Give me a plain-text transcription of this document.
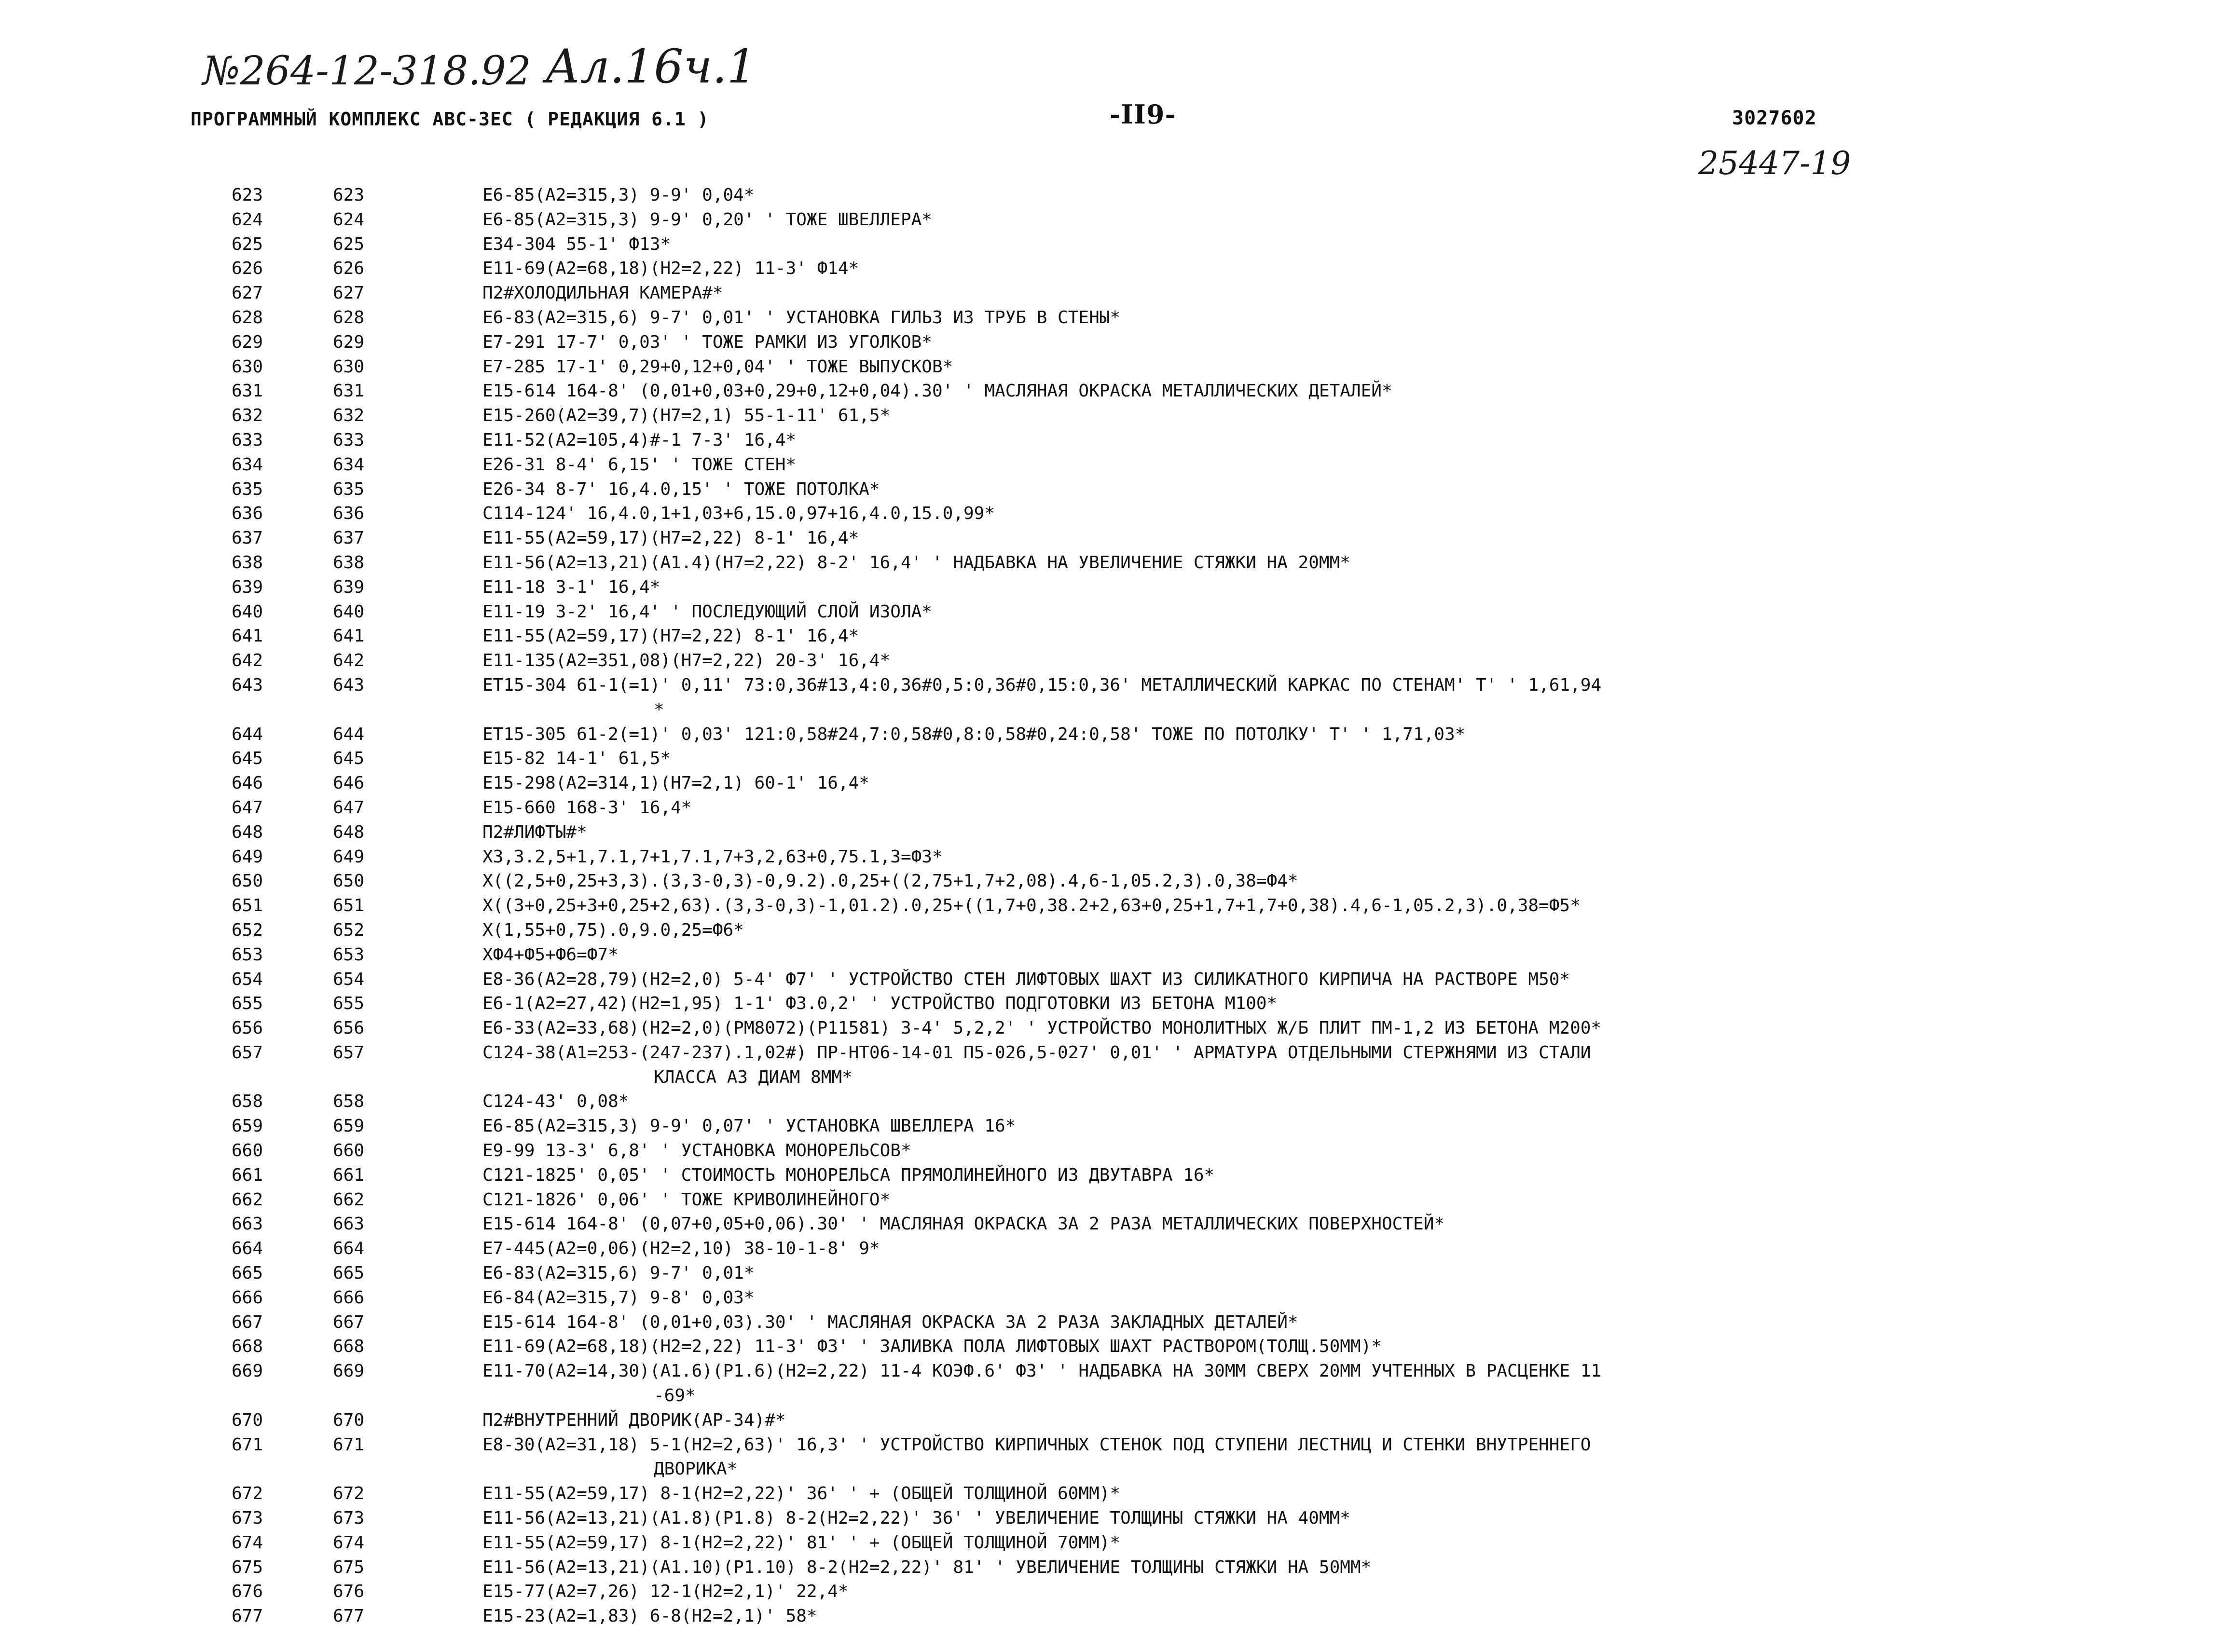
№264-12-318.92 Ал.16ч.1
25447-19
ПРОГРАММНЫЙ КОМПЛЕКС АВС-3ЕС ( РЕДАКЦИЯ 6.1 )	-II9-	3027602
623	623	Е6-85(А2=315,3) 9-9' 0,04*
624	624	Е6-85(А2=315,3) 9-9' 0,20' ' ТОЖЕ ШВЕЛЛЕРА*
625	625	Е34-304 55-1' Ф13*
626	626	Е11-69(А2=68,18)(Н2=2,22) 11-3' Ф14*
627	627	П2#ХОЛОДИЛЬНАЯ КАМЕРА#*
628	628	Е6-83(А2=315,6) 9-7' 0,01' ' УСТАНОВКА ГИЛЬЗ ИЗ ТРУБ В СТЕНЫ*
629	629	Е7-291 17-7' 0,03' ' ТОЖЕ РАМКИ ИЗ УГОЛКОВ*
630	630	Е7-285 17-1' 0,29+0,12+0,04' ' ТОЖЕ ВЫПУСКОВ*
631	631	Е15-614 164-8' (0,01+0,03+0,29+0,12+0,04).30' ' МАСЛЯНАЯ ОКРАСКА МЕТАЛЛИЧЕСКИХ ДЕТАЛЕЙ*
632	632	Е15-260(А2=39,7)(Н7=2,1) 55-1-11' 61,5*
633	633	Е11-52(А2=105,4)#-1 7-3' 16,4*
634	634	Е26-31 8-4' 6,15' ' ТОЖЕ СТЕН*
635	635	Е26-34 8-7' 16,4.0,15' ' ТОЖЕ ПОТОЛКА*
636	636	С114-124' 16,4.0,1+1,03+6,15.0,97+16,4.0,15.0,99*
637	637	Е11-55(А2=59,17)(Н7=2,22) 8-1' 16,4*
638	638	Е11-56(А2=13,21)(А1.4)(Н7=2,22) 8-2' 16,4' ' НАДБАВКА НА УВЕЛИЧЕНИЕ СТЯЖКИ НА 20ММ*
639	639	Е11-18 3-1' 16,4*
640	640	Е11-19 3-2' 16,4' ' ПОСЛЕДУЮЩИЙ СЛОЙ ИЗОЛА*
641	641	Е11-55(А2=59,17)(Н7=2,22) 8-1' 16,4*
642	642	Е11-135(А2=351,08)(Н7=2,22) 20-3' 16,4*
643	643	ЕТ15-304 61-1(=1)' 0,11' 73:0,36#13,4:0,36#0,5:0,36#0,15:0,36' МЕТАЛЛИЧЕСКИЙ КАРКАС ПО СТЕНАМ' Т' ' 1,61,94
*
644	644	ЕТ15-305 61-2(=1)' 0,03' 121:0,58#24,7:0,58#0,8:0,58#0,24:0,58' ТОЖЕ ПО ПОТОЛКУ' Т' ' 1,71,03*
645	645	Е15-82 14-1' 61,5*
646	646	Е15-298(А2=314,1)(Н7=2,1) 60-1' 16,4*
647	647	Е15-660 168-3' 16,4*
648	648	П2#ЛИФТЫ#*
649	649	Х3,3.2,5+1,7.1,7+1,7.1,7+3,2,63+0,75.1,3=Ф3*
650	650	Х((2,5+0,25+3,3).(3,3-0,3)-0,9.2).0,25+((2,75+1,7+2,08).4,6-1,05.2,3).0,38=Ф4*
651	651	Х((3+0,25+3+0,25+2,63).(3,3-0,3)-1,01.2).0,25+((1,7+0,38.2+2,63+0,25+1,7+1,7+0,38).4,6-1,05.2,3).0,38=Ф5*
652	652	Х(1,55+0,75).0,9.0,25=Ф6*
653	653	ХФ4+Ф5+Ф6=Ф7*
654	654	Е8-36(А2=28,79)(Н2=2,0) 5-4' Ф7' ' УСТРОЙСТВО СТЕН ЛИФТОВЫХ ШАХТ ИЗ СИЛИКАТНОГО КИРПИЧА НА РАСТВОРЕ М50*
655	655	Е6-1(А2=27,42)(Н2=1,95) 1-1' Ф3.0,2' ' УСТРОЙСТВО ПОДГОТОВКИ ИЗ БЕТОНА М100*
656	656	Е6-33(А2=33,68)(Н2=2,0)(РМ8072)(Р11581) 3-4' 5,2,2' ' УСТРОЙСТВО МОНОЛИТНЫХ Ж/Б ПЛИТ ПМ-1,2 ИЗ БЕТОНА М200*
657	657	С124-38(А1=253-(247-237).1,02#) ПР-НТ06-14-01 П5-026,5-027' 0,01' ' АРМАТУРА ОТДЕЛЬНЫМИ СТЕРЖНЯМИ ИЗ СТАЛИ
КЛАССА А3 ДИАМ 8ММ*
658	658	С124-43' 0,08*
659	659	Е6-85(А2=315,3) 9-9' 0,07' ' УСТАНОВКА ШВЕЛЛЕРА 16*
660	660	Е9-99 13-3' 6,8' ' УСТАНОВКА МОНОРЕЛЬСОВ*
661	661	С121-1825' 0,05' ' СТОИМОСТЬ МОНОРЕЛЬСА ПРЯМОЛИНЕЙНОГО ИЗ ДВУТАВРА 16*
662	662	С121-1826' 0,06' ' ТОЖЕ КРИВОЛИНЕЙНОГО*
663	663	Е15-614 164-8' (0,07+0,05+0,06).30' ' МАСЛЯНАЯ ОКРАСКА ЗА 2 РАЗА МЕТАЛЛИЧЕСКИХ ПОВЕРХНОСТЕЙ*
664	664	Е7-445(А2=0,06)(Н2=2,10) 38-10-1-8' 9*
665	665	Е6-83(А2=315,6) 9-7' 0,01*
666	666	Е6-84(А2=315,7) 9-8' 0,03*
667	667	Е15-614 164-8' (0,01+0,03).30' ' МАСЛЯНАЯ ОКРАСКА ЗА 2 РАЗА ЗАКЛАДНЫХ ДЕТАЛЕЙ*
668	668	Е11-69(А2=68,18)(Н2=2,22) 11-3' Ф3' ' ЗАЛИВКА ПОЛА ЛИФТОВЫХ ШАХТ РАСТВОРОМ(ТОЛЩ.50ММ)*
669	669	Е11-70(А2=14,30)(А1.6)(Р1.6)(Н2=2,22) 11-4 КОЭФ.6' Ф3' ' НАДБАВКА НА 30ММ СВЕРХ 20ММ УЧТЕННЫХ В РАСЦЕНКЕ 11
-69*
670	670	П2#ВНУТРЕННИЙ ДВОРИК(АР-34)#*
671	671	Е8-30(А2=31,18) 5-1(Н2=2,63)' 16,3' ' УСТРОЙСТВО КИРПИЧНЫХ СТЕНОК ПОД СТУПЕНИ ЛЕСТНИЦ И СТЕНКИ ВНУТРЕННЕГО
ДВОРИКА*
672	672	Е11-55(А2=59,17) 8-1(Н2=2,22)' 36' ' + (ОБЩЕЙ ТОЛЩИНОЙ 60ММ)*
673	673	Е11-56(А2=13,21)(А1.8)(Р1.8) 8-2(Н2=2,22)' 36' ' УВЕЛИЧЕНИЕ ТОЛЩИНЫ СТЯЖКИ НА 40ММ*
674	674	Е11-55(А2=59,17) 8-1(Н2=2,22)' 81' ' + (ОБЩЕЙ ТОЛЩИНОЙ 70ММ)*
675	675	Е11-56(А2=13,21)(А1.10)(Р1.10) 8-2(Н2=2,22)' 81' ' УВЕЛИЧЕНИЕ ТОЛЩИНЫ СТЯЖКИ НА 50ММ*
676	676	Е15-77(А2=7,26) 12-1(Н2=2,1)' 22,4*
677	677	Е15-23(А2=1,83) 6-8(Н2=2,1)' 58*
